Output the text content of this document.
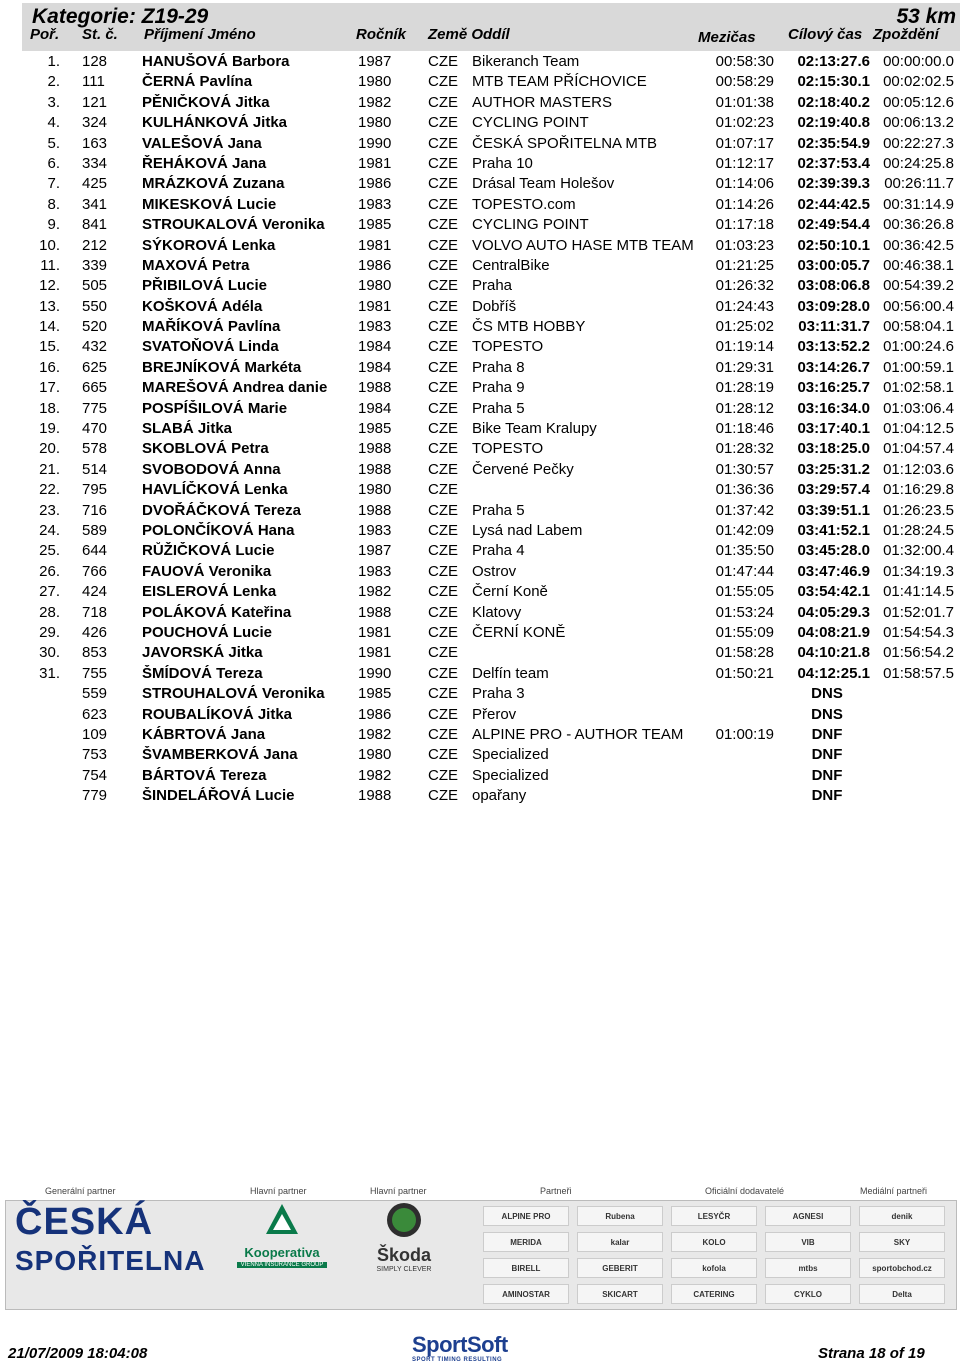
Kategorie: Z19-29	53 km
Poř. St. č. Příjmení Jméno	Ročník Země Oddíl	Mezičas Cílový čas Zpoždění
1. 128	HANUŠOVÁ Barbora	1987	CZE Bikeranch Team	00:58:30	02:13:27.6 00:00:00.0
2. 111	ČERNÁ Pavlína	1980	CZE MTB TEAM PŘÍCHOVICE	00:58:29	02:15:30.1 00:02:02.5
3. 121	PĚNIČKOVÁ Jitka	1982	CZE AUTHOR MASTERS	01:01:38	02:18:40.2 00:05:12.6
4. 324	KULHÁNKOVÁ Jitka	1980	CZE CYCLING POINT	01:02:23	02:19:40.8 00:06:13.2
5. 163	VALEŠOVÁ Jana	1990	CZE ČESKÁ SPOŘITELNA MTB	01:07:17	02:35:54.9 00:22:27.3
6. 334	ŘEHÁKOVÁ Jana	1981	CZE Praha 10	01:12:17	02:37:53.4 00:24:25.8
7. 425	MRÁZKOVÁ Zuzana	1986	CZE Drásal Team Holešov	01:14:06	02:39:39.3 00:26:11.7
8. 341	MIKESKOVÁ Lucie	1983	CZE TOPESTO.com	01:14:26	02:44:42.5 00:31:14.9
9. 841	STROUKALOVÁ Veronika	1985	CZE CYCLING POINT	01:17:18	02:49:54.4 00:36:26.8
10. 212	SÝKOROVÁ Lenka	1981	CZE VOLVO AUTO HASE MTB TEAM	01:03:23	02:50:10.1 00:36:42.5
11. 339	MAXOVÁ Petra	1986	CZE CentralBike	01:21:25	03:00:05.7 00:46:38.1
12. 505	PŘIBILOVÁ Lucie	1980	CZE Praha	01:26:32	03:08:06.8 00:54:39.2
13. 550	KOŠKOVÁ Adéla	1981	CZE Dobříš	01:24:43	03:09:28.0 00:56:00.4
14. 520	MAŘÍKOVÁ Pavlína	1983	CZE ČS MTB HOBBY	01:25:02	03:11:31.7 00:58:04.1
15. 432	SVATOŇOVÁ Linda	1984	CZE TOPESTO	01:19:14	03:13:52.2 01:00:24.6
16. 625	BREJNÍKOVÁ Markéta	1984	CZE Praha 8	01:29:31	03:14:26.7 01:00:59.1
17. 665	MAREŠOVÁ Andrea danie	1988	CZE Praha 9	01:28:19	03:16:25.7 01:02:58.1
18. 775	POSPÍŠILOVÁ Marie	1984	CZE Praha 5	01:28:12	03:16:34.0 01:03:06.4
19. 470	SLABÁ Jitka	1985	CZE Bike Team Kralupy	01:18:46	03:17:40.1 01:04:12.5
20. 578	SKOBLOVÁ Petra	1988	CZE TOPESTO	01:28:32	03:18:25.0 01:04:57.4
21. 514	SVOBODOVÁ Anna	1988	CZE Červené Pečky	01:30:57	03:25:31.2 01:12:03.6
22. 795	HAVLÍČKOVÁ Lenka	1980	CZE	01:36:36	03:29:57.4 01:16:29.8
23. 716	DVOŘÁČKOVÁ Tereza	1988	CZE Praha 5	01:37:42	03:39:51.1 01:26:23.5
24. 589	POLONČÍKOVÁ Hana	1983	CZE Lysá nad Labem	01:42:09	03:41:52.1 01:28:24.5
25. 644	RŮŽIČKOVÁ Lucie	1987	CZE Praha 4	01:35:50	03:45:28.0 01:32:00.4
26. 766	FAUOVÁ Veronika	1983	CZE Ostrov	01:47:44	03:47:46.9 01:34:19.3
27. 424	EISLEROVÁ Lenka	1982	CZE Černí Koně	01:55:05	03:54:42.1 01:41:14.5
28. 718	POLÁKOVÁ Kateřina	1988	CZE Klatovy	01:53:24	04:05:29.3 01:52:01.7
29. 426	POUCHOVÁ Lucie	1981	CZE ČERNÍ KONĚ	01:55:09	04:08:21.9 01:54:54.3
30. 853	JAVORSKÁ Jitka	1981	CZE	01:58:28	04:10:21.8 01:56:54.2
31. 755	ŠMÍDOVÁ Tereza	1990	CZE Delfín team	01:50:21	04:12:25.1 01:58:57.5
559	STROUHALOVÁ Veronika	1985	CZE Praha 3	DNS
623	ROUBALÍKOVÁ Jitka	1986	CZE Přerov	DNS
109	KÁBRTOVÁ Jana	1982	CZE ALPINE PRO - AUTHOR TEAM	01:00:19	DNF
753	ŠVAMBERKOVÁ Jana	1980	CZE Specialized	DNF
754	BÁRTOVÁ Tereza	1982	CZE Specialized	DNF
779	ŠINDELÁŘOVÁ Lucie	1988	CZE opařany	DNF
Generální partner	Hlavní partner	Hlavní partner	Partneři	Oficiální dodavatelé	Mediální partneři
ČESKÁ
SPOŘITELNA	Kooperativa
VIENNA INSURANCE GROUP	Škoda
SIMPLY CLEVER
ALPINE PRO
MERIDA
BIRELL
AMINOSTAR
Rubena
kalar
GEBERIT
SKICART
LESYČR
KOLO
kofola
CATERING
AGNESI
VIB
mtbs
CYKLO
denik
SKY
sportobchod.cz
Delta
21/07/2009 18:04:08	SportSoft
SPORT TIMING RESULTING	Strana 18 of 19
